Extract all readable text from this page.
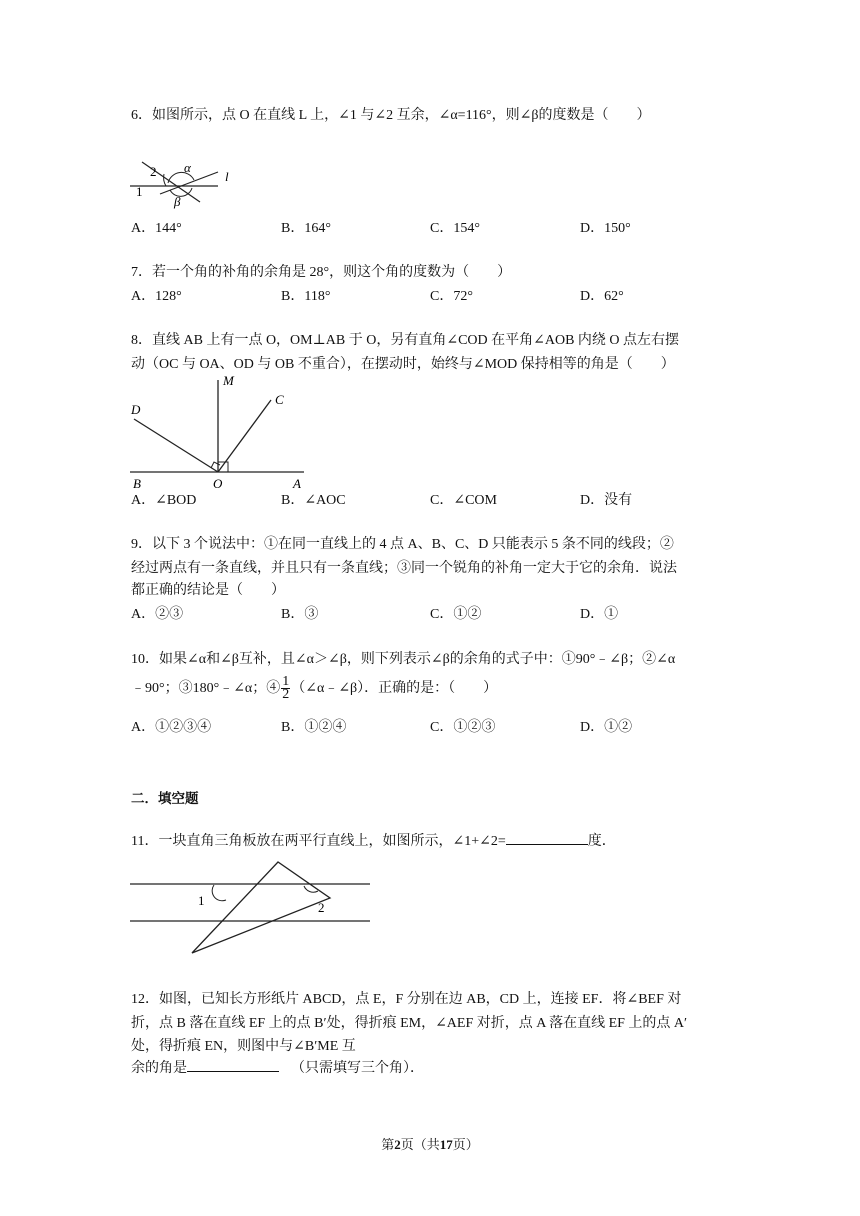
6．如图所示，点 O 在直线 L 上，∠1 与∠2 互余，∠α=116°，则∠β的度数是（　　）
1
2 α
β
l
A．144°	B．164°	C．154°	D．150°
7．若一个角的补角的余角是 28°，则这个角的度数为（　　）
A．128°	B．118°	C．72°	D．62°
8．直线 AB 上有一点 O，OM⊥AB 于 O，另有直角∠COD 在平角∠AOB 内绕 O 点左右摆
动（OC 与 OA、OD 与 OB 不重合），在摆动时，始终与∠MOD 保持相等的角是（　　）
M
C
D
B	O	A
A．∠BOD	B．∠AOC	C．∠COM	D．没有
9．以下 3 个说法中：①在同一直线上的 4 点 A、B、C、D 只能表示 5 条不同的线段；②
经过两点有一条直线，并且只有一条直线；③同一个锐角的补角一定大于它的余角．说法
都正确的结论是（　　）
A．②③	B．③	C．①②	D．①
10．如果∠α和∠β互补，且∠α＞∠β，则下列表示∠β的余角的式子中：①90°﹣∠β；②∠α
﹣90°；③180°﹣∠α；④ $\frac{1}{2}$ （∠α﹣∠β）．正确的是：（　　）
A．①②③④	B．①②④	C．①②③	D．①②
二．填空题
11．一块直角三角板放在两平行直线上，如图所示，∠1+∠2=	度．
1	2
12．如图，已知长方形纸片 ABCD，点 E，F 分别在边 AB，CD 上，连接 EF．将∠BEF 对
折，点 B 落在直线 EF 上的点 B′处，得折痕 EM，∠AEF 对折，点 A 落在直线 EF 上的点 A′
处，得折痕 EN，则图中与∠B′ME 互
余的角是	（只需填写三个角）．
第2页（共17页）
